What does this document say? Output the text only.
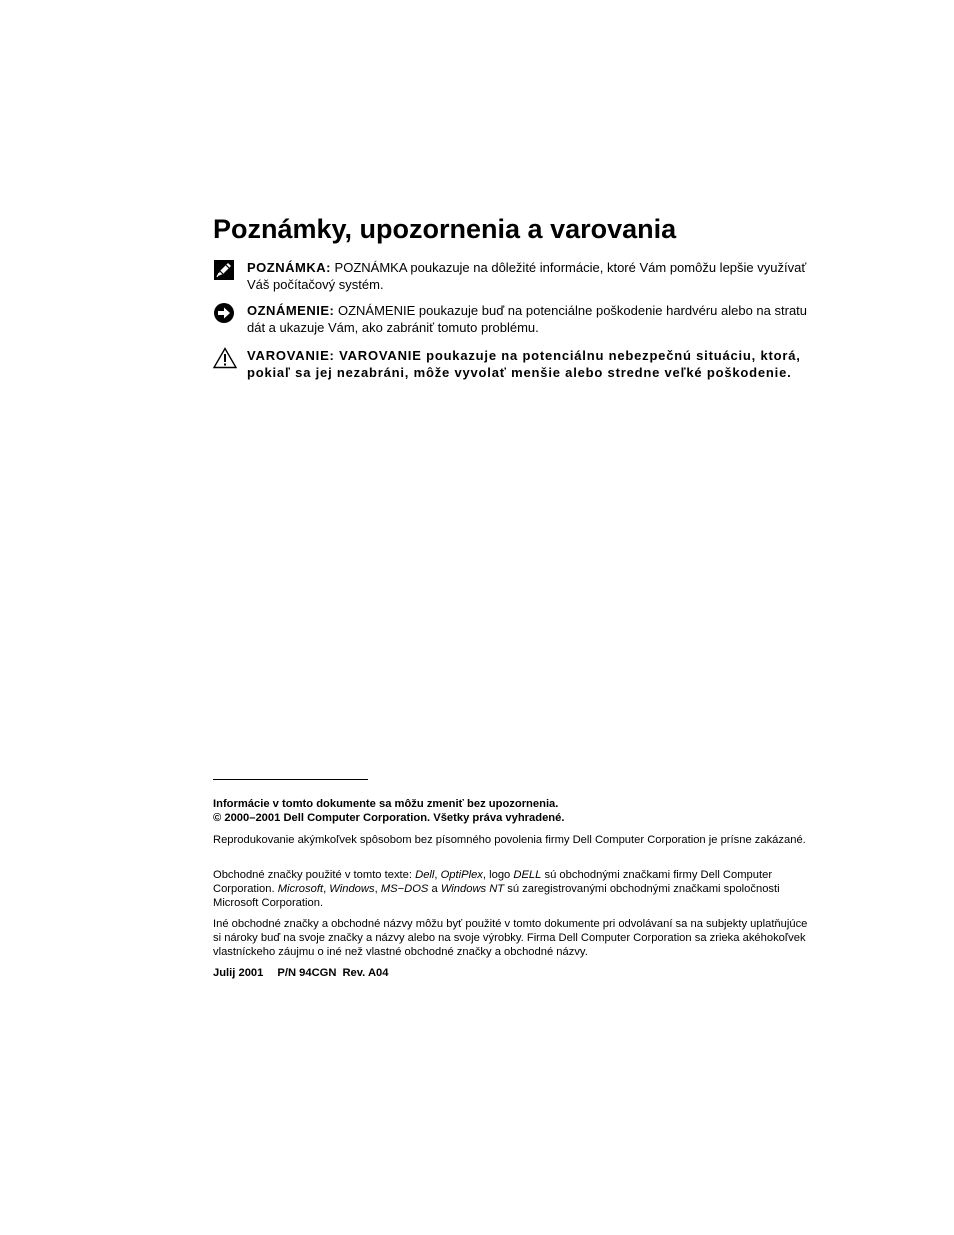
Poznámky, upozornenia a varovania
POZNÁMKA: POZNÁMKA poukazuje na dôležité informácie, ktoré Vám pomôžu lepšie využívať Váš počítačový systém.
OZNÁMENIE: OZNÁMENIE poukazuje buď na potenciálne poškodenie hardvéru alebo na stratu dát a ukazuje Vám, ako zabrániť tomuto problému.
VAROVANIE: VAROVANIE poukazuje na potenciálnu nebezpečnú situáciu, ktorá, pokiaľ sa jej nezabráni, môže vyvolať menšie alebo stredne veľké poškodenie.

Informácie v tomto dokumente sa môžu zmeniť bez upozornenia.

© 2000–2001 Dell Computer Corporation. Všetky práva vyhradené.

Reprodukovanie akýmkoľvek spôsobom bez písomného povolenia firmy Dell Computer Corporation je prísne zakázané.

Obchodné značky použité v tomto texte: Dell, OptiPlex, logo DELL sú obchodnými značkami firmy Dell Computer Corporation. Microsoft, Windows, MS−DOS a Windows NT sú zaregistrovanými obchodnými značkami spoločnosti Microsoft Corporation.

Iné obchodné značky a obchodné názvy môžu byť použité v tomto dokumente pri odvolávaní sa na subjekty uplatňujúce si nároky buď na svoje značky a názvy alebo na svoje výrobky. Firma Dell Computer Corporation sa zrieka akéhokoľvek vlastníckeho záujmu o iné než vlastné obchodné značky a obchodné názvy.

Julij 2001 P/N 94CGN Rev. A04
